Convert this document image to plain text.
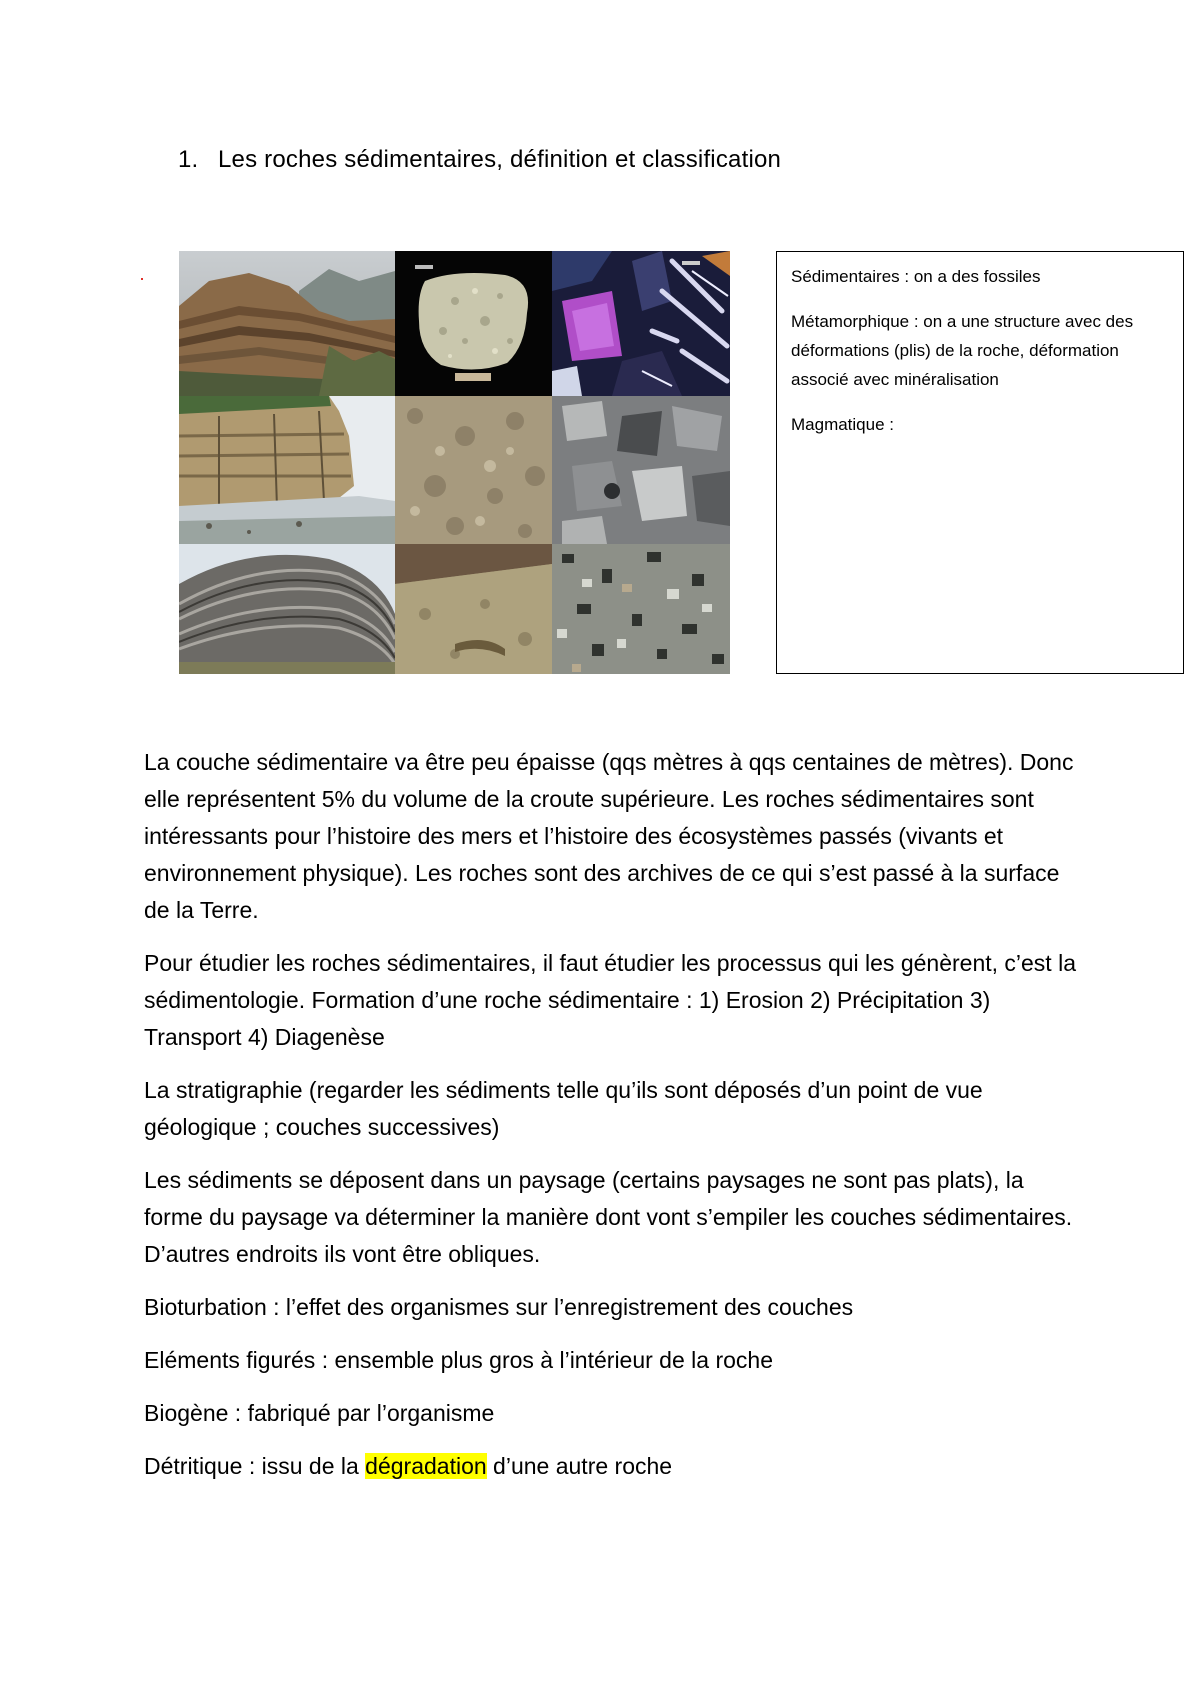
1. Les roches sédimentaires, définition et classification

Sédimentaires : on a des fossiles

Métamorphique : on a une structure avec des déformations (plis) de la roche, déformation associé avec minéralisation

Magmatique :

La couche sédimentaire va être peu épaisse (qqs mètres à qqs centaines de mètres). Donc elle représentent 5% du volume de la croute supérieure. Les roches sédimentaires sont intéressants pour l’histoire des mers et l’histoire des écosystèmes passés (vivants et environnement physique). Les roches sont des archives de ce qui s’est passé à la surface de la Terre.

Pour étudier les roches sédimentaires, il faut étudier les processus qui les génèrent, c’est la sédimentologie. Formation d’une roche sédimentaire : 1) Erosion 2) Précipitation 3) Transport 4) Diagenèse

La stratigraphie (regarder les sédiments telle qu’ils sont déposés d’un point de vue géologique ; couches successives)

Les sédiments se déposent dans un paysage (certains paysages ne sont pas plats), la forme du paysage va déterminer la manière dont vont s’empiler les couches sédimentaires. D’autres endroits ils vont être obliques.

Bioturbation : l’effet des organismes sur l’enregistrement des couches

Eléments figurés : ensemble plus gros à l’intérieur de la roche

Biogène : fabriqué par l’organisme

Détritique : issu de la dégradation d’une autre roche
